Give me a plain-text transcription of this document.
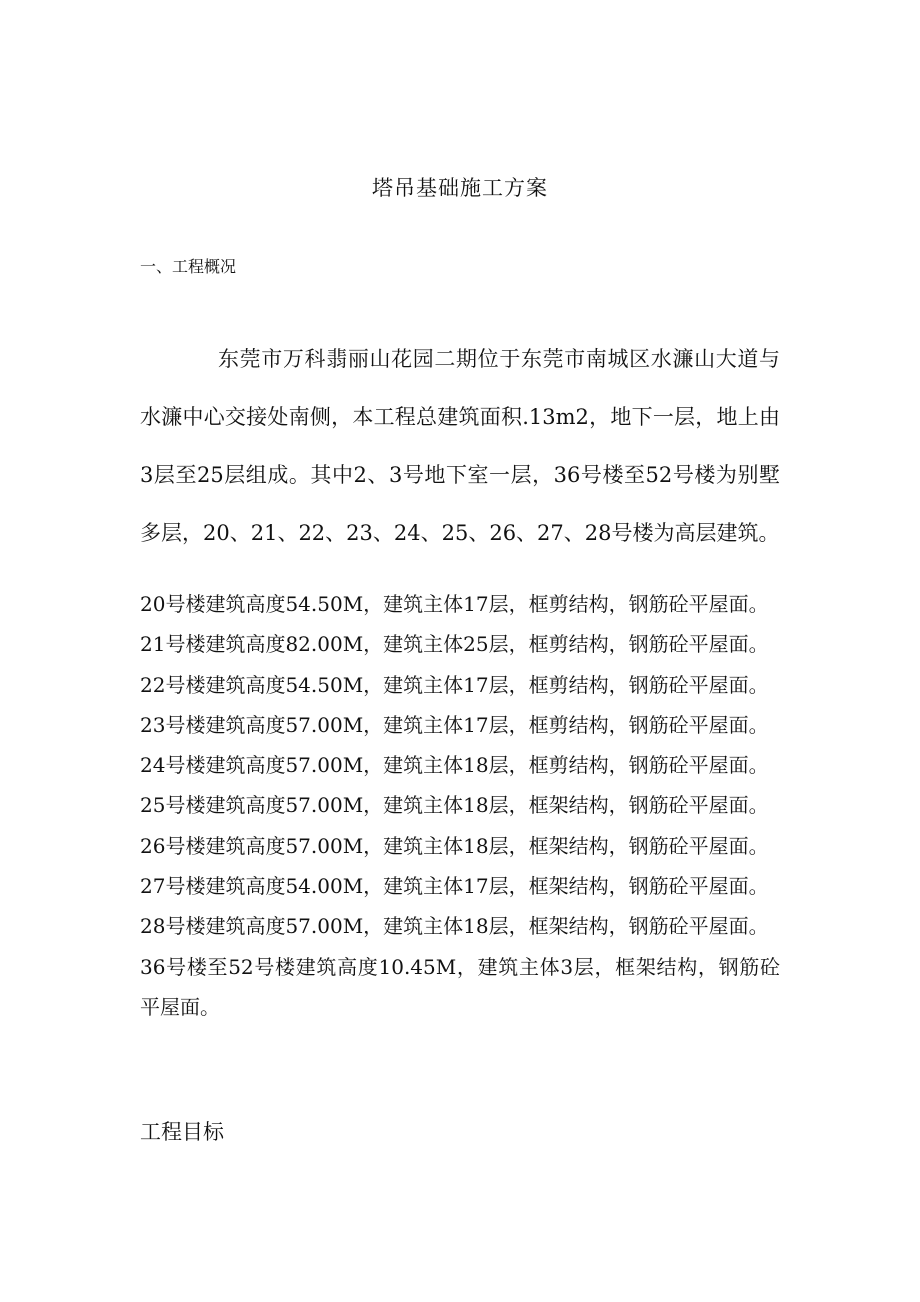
塔吊基础施工方案
一、工程概况

东莞市万科翡丽山花园二期位于东莞市南城区水濂山大道与水濂中心交接处南侧，本工程总建筑面积.13m2，地下一层，地上由3层至25层组成。其中2、3号地下室一层，36号楼至52号楼为别墅多层，20、21、22、23、24、25、26、27、28号楼为高层建筑。

20号楼建筑高度54.50M，建筑主体17层，框剪结构，钢筋砼平屋面。
21号楼建筑高度82.00M，建筑主体25层，框剪结构，钢筋砼平屋面。
22号楼建筑高度54.50M，建筑主体17层，框剪结构，钢筋砼平屋面。
23号楼建筑高度57.00M，建筑主体17层，框剪结构，钢筋砼平屋面。
24号楼建筑高度57.00M，建筑主体18层，框剪结构，钢筋砼平屋面。
25号楼建筑高度57.00M，建筑主体18层，框架结构，钢筋砼平屋面。
26号楼建筑高度57.00M，建筑主体18层，框架结构，钢筋砼平屋面。
27号楼建筑高度54.00M，建筑主体17层，框架结构，钢筋砼平屋面。
28号楼建筑高度57.00M，建筑主体18层，框架结构，钢筋砼平屋面。
36号楼至52号楼建筑高度10.45M，建筑主体3层，框架结构，钢筋砼平屋面。
工程目标
